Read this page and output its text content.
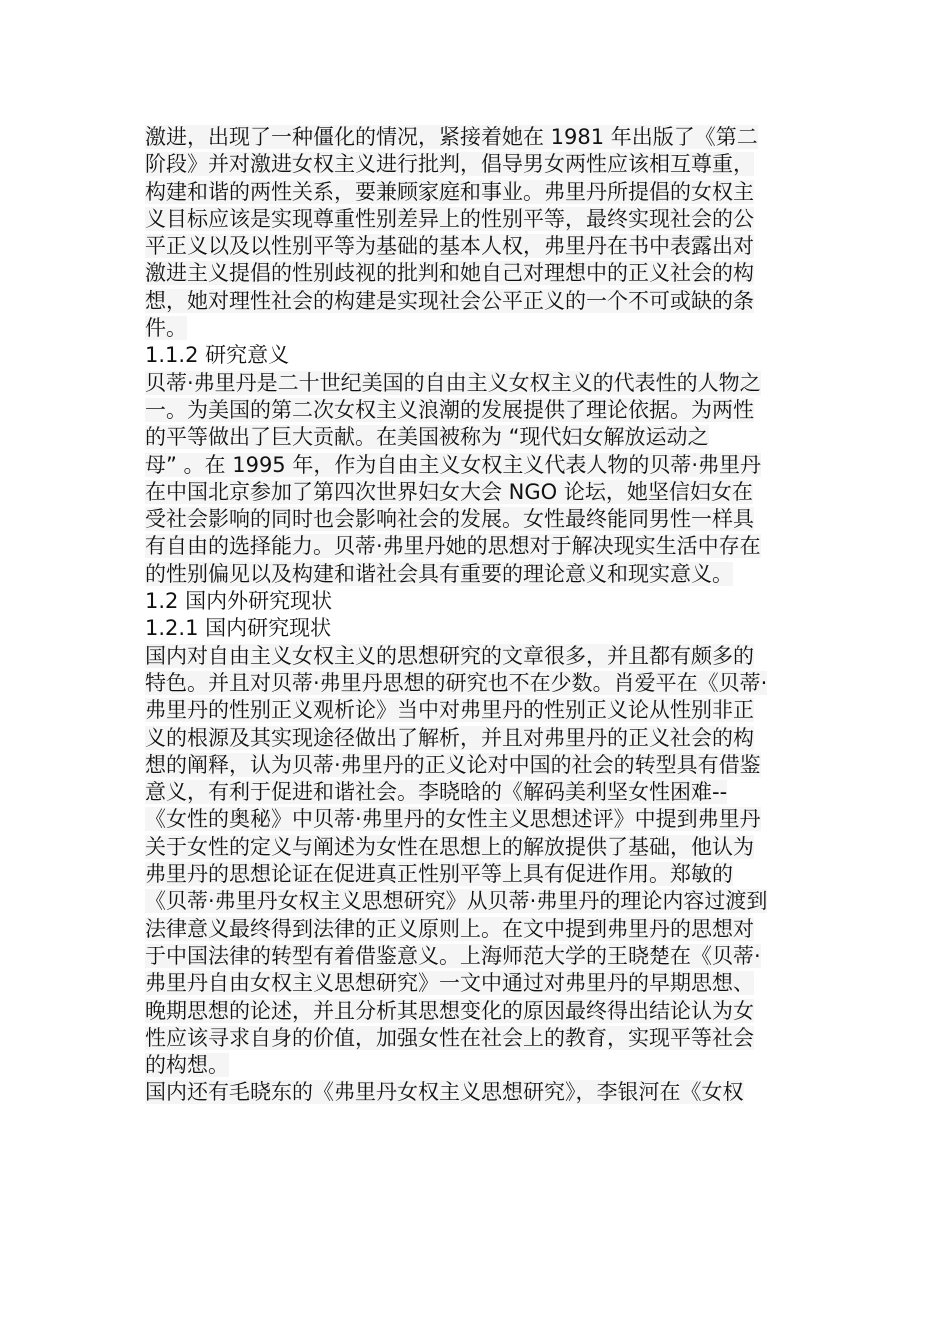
激进，出现了一种僵化的情况，紧接着她在 1981 年出版了《第二
阶段》并对激进女权主义进行批判，倡导男女两性应该相互尊重，
构建和谐的两性关系，要兼顾家庭和事业。弗里丹所提倡的女权主
义目标应该是实现尊重性别差异上的性别平等，最终实现社会的公
平正义以及以性别平等为基础的基本人权，弗里丹在书中表露出对
激进主义提倡的性别歧视的批判和她自己对理想中的正义社会的构
想，她对理性社会的构建是实现社会公平正义的一个不可或缺的条
件。
1.1.2 研究意义
贝蒂·弗里丹是二十世纪美国的自由主义女权主义的代表性的人物之
一。为美国的第二次女权主义浪潮的发展提供了理论依据。为两性
的平等做出了巨大贡献。在美国被称为 “现代妇女解放运动之
母” 。在 1995 年，作为自由主义女权主义代表人物的贝蒂·弗里丹
在中国北京参加了第四次世界妇女大会 NGO 论坛，她坚信妇女在
受社会影响的同时也会影响社会的发展。女性最终能同男性一样具
有自由的选择能力。贝蒂·弗里丹她的思想对于解决现实生活中存在
的性别偏见以及构建和谐社会具有重要的理论意义和现实意义。
1.2 国内外研究现状
1.2.1 国内研究现状
国内对自由主义女权主义的思想研究的文章很多，并且都有颇多的
特色。并且对贝蒂·弗里丹思想的研究也不在少数。肖爱平在《贝蒂·
弗里丹的性别正义观析论》当中对弗里丹的性别正义论从性别非正
义的根源及其实现途径做出了解析，并且对弗里丹的正义社会的构
想的阐释，认为贝蒂·弗里丹的正义论对中国的社会的转型具有借鉴
意义，有利于促进和谐社会。李晓晗的《解码美利坚女性困难--
《女性的奥秘》中贝蒂·弗里丹的女性主义思想述评》中提到弗里丹
关于女性的定义与阐述为女性在思想上的解放提供了基础，他认为
弗里丹的思想论证在促进真正性别平等上具有促进作用。郑敏的
《贝蒂·弗里丹女权主义思想研究》从贝蒂·弗里丹的理论内容过渡到
法律意义最终得到法律的正义原则上。在文中提到弗里丹的思想对
于中国法律的转型有着借鉴意义。上海师范大学的王晓楚在《贝蒂·
弗里丹自由女权主义思想研究》一文中通过对弗里丹的早期思想、
晚期思想的论述，并且分析其思想变化的原因最终得出结论认为女
性应该寻求自身的价值，加强女性在社会上的教育，实现平等社会
的构想。
国内还有毛晓东的《弗里丹女权主义思想研究》，李银河在《女权
